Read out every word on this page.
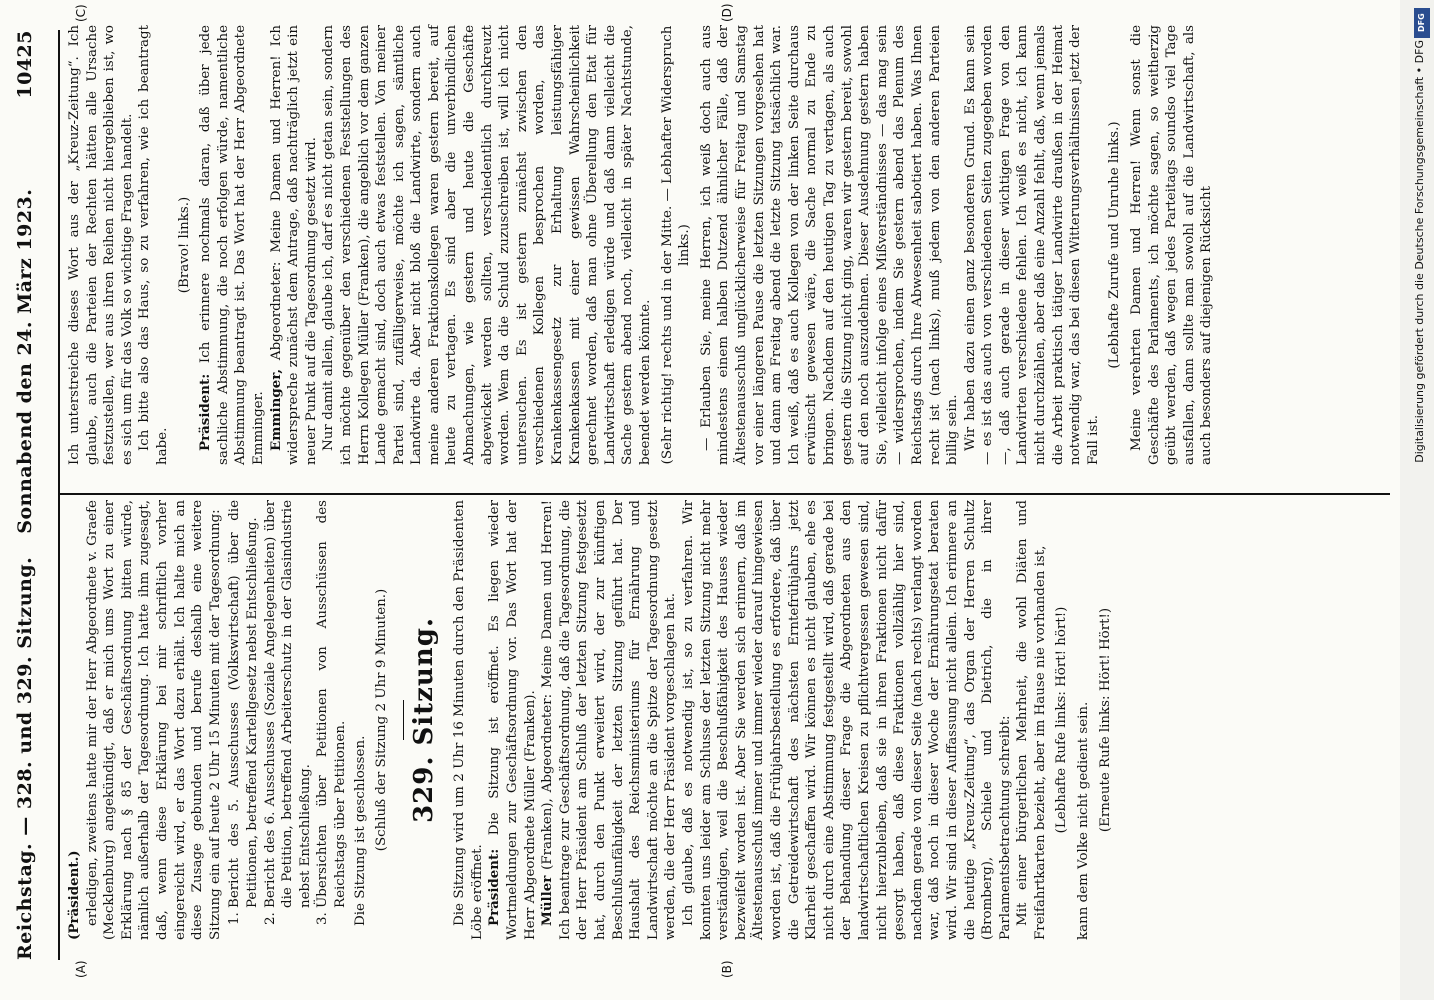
Reichstag. — 328. und 329. Sitzung.
Sonnabend den 24. März 1923.
10425
(A)	(B)
(C)	(D)

(Präsident.) erledigen, zweitens hatte mir der Herr Abgeordnete v. Graefe (Mecklenburg) angekündigt, daß er mich ums Wort zu einer Erklärung nach § 85 der Geschäftsordnung bitten würde, nämlich außerhalb der Tagesordnung. Ich hatte ihm zugesagt, daß, wenn diese Erklärung bei mir schriftlich vorher eingereicht wird, er das Wort dazu erhält. Ich halte mich an diese Zusage gebunden und berufe deshalb eine weitere Sitzung ein auf heute 2 Uhr 15 Minuten mit der Tagesordnung: 1. Bericht des 5. Ausschusses (Volkswirtschaft) über die Petitionen, betreffend Kartellgesetz nebst Entschließung. 2. Bericht des 6. Ausschusses (Soziale Angelegenheiten) über die Petition, betreffend Arbeiterschutz in der Glasindustrie nebst Entschließung. 3. Übersichten über Petitionen von Ausschüssen des Reichstags über Petitionen. Die Sitzung ist geschlossen. (Schluß der Sitzung 2 Uhr 9 Minuten.) 329. Sitzung. Die Sitzung wird um 2 Uhr 16 Minuten durch den Präsidenten Löbe eröffnet. Präsident: Die Sitzung ist eröffnet. Es liegen wieder Wortmeldungen zur Geschäftsordnung vor. Das Wort hat der Herr Abgeordnete Müller (Franken). Müller (Franken), Abgeordneter: Meine Damen und Herren! Ich beantrage zur Geschäftsordnung, daß die Tagesordnung, die der Herr Präsident am Schluß der letzten Sitzung festgesetzt hat, durch den Punkt erweitert wird, der zur künftigen Beschlußunfähigkeit der letzten Sitzung geführt hat. Der Haushalt des Reichsministeriums für Ernährung und Landwirtschaft möchte an die Spitze der Tagesordnung gesetzt werden, die der Herr Präsident vorgeschlagen hat. Ich glaube, daß es notwendig ist, so zu verfahren. Wir konnten uns leider am Schlusse der letzten Sitzung nicht mehr verständigen, weil die Beschlußfähigkeit des Hauses wieder bezweifelt worden ist. Aber Sie werden sich erinnern, daß im Ältestenausschuß immer und immer wieder darauf hingewiesen worden ist, daß die Frühjahrsbestellung es erfordere, daß über die Getreidewirtschaft des nächsten Erntefrühjahrs jetzt Klarheit geschaffen wird. Wir können es nicht glauben, ehe es nicht durch eine Abstimmung festgestellt wird, daß gerade bei der Behandlung dieser Frage die Abgeordneten aus den landwirtschaftlichen Kreisen zu pflichtvergessen gewesen sind, nicht hierzubleiben, daß sie in ihren Fraktionen nicht dafür gesorgt haben, daß diese Fraktionen vollzählig hier sind, nachdem gerade von dieser Seite (nach rechts) verlangt worden war, daß noch in dieser Woche der Ernährungsetat beraten wird. Wir sind in dieser Auffassung nicht allein. Ich erinnere an die heutige „Kreuz-Zeitung“, das Organ der Herren Schultz (Bromberg), Schiele und Dietrich, die in ihrer Parlamentsbetrachtung schreibt: Mit einer bürgerlichen Mehrheit, die wohl Diäten und Freifahrtkarten bezieht, aber im Hause nie vorhanden ist, (Lebhafte Rufe links: Hört! hört!) kann dem Volke nicht gedient sein. (Erneute Rufe links: Hört! Hört!)

Ich unterstreiche dieses Wort aus der „Kreuz-Zeitung“. Ich glaube, auch die Parteien der Rechten hätten alle Ursache festzustellen, wer aus ihren Reihen nicht hiergeblieben ist, wo es sich um für das Volk so wichtige Fragen handelt. Ich bitte also das Haus, so zu verfahren, wie ich beantragt habe.

(Bravo! links.)

Präsident: Ich erinnere nochmals daran, daß über jede sachliche Abstimmung, die noch erfolgen würde, namentliche Abstimmung beantragt ist. Das Wort hat der Herr Abgeordnete Emminger. Emminger, Abgeordneter: Meine Damen und Herren! Ich widerspreche zunächst dem Antrage, daß nachträglich jetzt ein neuer Punkt auf die Tagesordnung gesetzt wird. Nur damit allein, glaube ich, darf es nicht getan sein, sondern ich möchte gegenüber den verschiedenen Feststellungen des Herrn Kollegen Müller (Franken), die angeblich vor dem ganzen Lande gemacht sind, doch auch etwas feststellen. Von meiner Partei sind, zufälligerweise, möchte ich sagen, sämtliche Landwirte da. Aber nicht bloß die Landwirte, sondern auch meine anderen Fraktionskollegen waren gestern bereit, auf heute zu vertagen. Es sind aber die unverbindlichen Abmachungen, wie gestern und heute die Geschäfte abgewickelt werden sollten, verschiedentlich durchkreuzt worden. Wem da die Schuld zuzuschreiben ist, will ich nicht untersuchen. Es ist gestern zunächst zwischen den verschiedenen Kollegen besprochen worden, das Krankenkassengesetz zur Erhaltung leistungsfähiger Krankenkassen mit einer gewissen Wahrscheinlichkeit gerechnet worden, daß man ohne Überellung den Etat für Landwirtschaft erledigen würde und daß dann vielleicht die Sache gestern abend noch, vielleicht in später Nachtstunde, beendet werden könnte. (Sehr richtig! rechts und in der Mitte. — Lebhafter Widerspruch links.) — Erlauben Sie, meine Herren, ich weiß doch auch aus mindestens einem halben Dutzend ähnlicher Fälle, daß der Ältestenausschuß unglücklicherweise für Freitag und Samstag vor einer längeren Pause die letzten Sitzungen vorgesehen hat und dann am Freitag abend die letzte Sitzung tatsächlich war. Ich weiß, daß es auch Kollegen von der linken Seite durchaus erwünscht gewesen wäre, die Sache normal zu Ende zu bringen. Nachdem auf den heutigen Tag zu vertagen, als auch gestern die Sitzung nicht ging, waren wir gestern bereit, sowohl auf den noch auszudehnen. Dieser Ausdehnung gestern haben Sie, vielleicht infolge eines Mißverständnisses — das mag sein — widersprochen, indem Sie gestern abend das Plenum des Reichstags durch Ihre Abwesenheit sabotiert haben. Was Ihnen recht ist (nach links), muß jedem von den anderen Parteien billig sein. Wir haben dazu einen ganz besonderen Grund. Es kann sein — es ist das auch von verschiedenen Seiten zugegeben worden —, daß auch gerade in dieser wichtigen Frage von den Landwirten verschiedene fehlen. Ich weiß es nicht, ich kann nicht durchzählen, aber daß eine Anzahl fehlt, daß, wenn jemals die Arbeit praktisch tätiger Landwirte draußen in der Heimat notwendig war, das bei diesen Witterungsverhältnissen jetzt der Fall ist.

(Lebhafte Zurufe und Unruhe links.) Meine verehrten Damen und Herren! Wenn sonst die Geschäfte des Parlaments, ich möchte sagen, so weitherzig geübt werden, daß wegen jedes Parteitags soundso viel Tage ausfallen, dann sollte man sowohl auf die Landwirtschaft, als auch besonders auf diejenigen Rücksicht	Digitalisierung gefördert durch die Deutsche Forschungsgemeinschaft • DFG
DFG
